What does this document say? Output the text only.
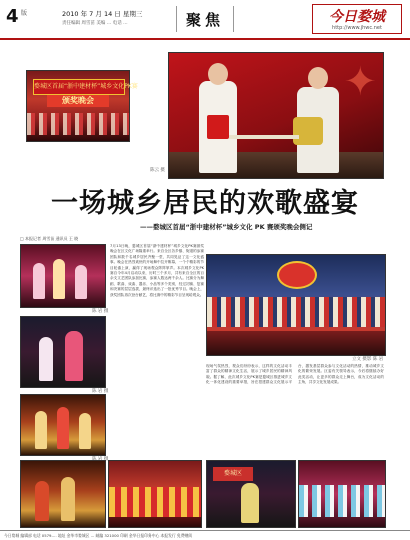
4 版	2010 年 7 月 14 日 星期三
责任编辑 周雪苗 美编 … 电话 …	聚焦	今日婺城
http://www.jhwc.net
婺城区首届“浙中建材杯”城乡文化PK赛
颁奖晚会	✦
陈云 摄
一场城乡居民的欢歌盛宴
——婺城区首届“浙中建材杯”城乡文化 PK 赛颁奖晚会侧记
□ 本报记者 周雪苗 通讯员 王 晓
陈 岩 摄
陈 岩 摄
摄
7月13日晚，婺城区首届“浙中建材杯”城乡文化PK赛颁奖晚会在区文化广场隆重举行。来自全区各乡镇、街道的参赛团队和数千名城乡居民齐聚一堂，共同见证了这一文化盛事。晚会在热烈欢快的开场舞中拉开帷幕，一个个精彩的节目轮番上演，赢得了现场观众阵阵掌声。本次城乡文化PK赛自今年4月启动以来，历时三个多月，共有来自全区的百余支文艺团队参加比赛，参赛人数达两千余人。比赛分为舞蹈、歌曲、戏曲、器乐、小品等多个类别，经过初赛、复赛和决赛的层层选拔，最终评选出了一批优秀节目。晚会上，获奖团队再次登台献艺，将比赛中的精彩节目呈现给观众。
立文 摄影 陈 岩
现场气氛热烈，观众们纷纷表示，这样的文化活动丰富了群众的精神文化生活，展示了城乡居民的精神风貌。据了解，此次城乡文化PK赛是婺城区推进城乡文化一体化建设的重要举措，旨在搭建群众文化展示平台，激发基层群众参与文化活动的热情，推动城乡文化的繁荣发展。区委有关领导表示，今后将继续办好此类活动，让更多的群众走上舞台，成为文化活动的主角，共享文化发展成果。
婺城区
今日婺城 编辑部 电话 0579-… 地址 金华市婺城区 … 邮编 321000 印刷 金华日报印务中心 本报发行 免费赠阅
